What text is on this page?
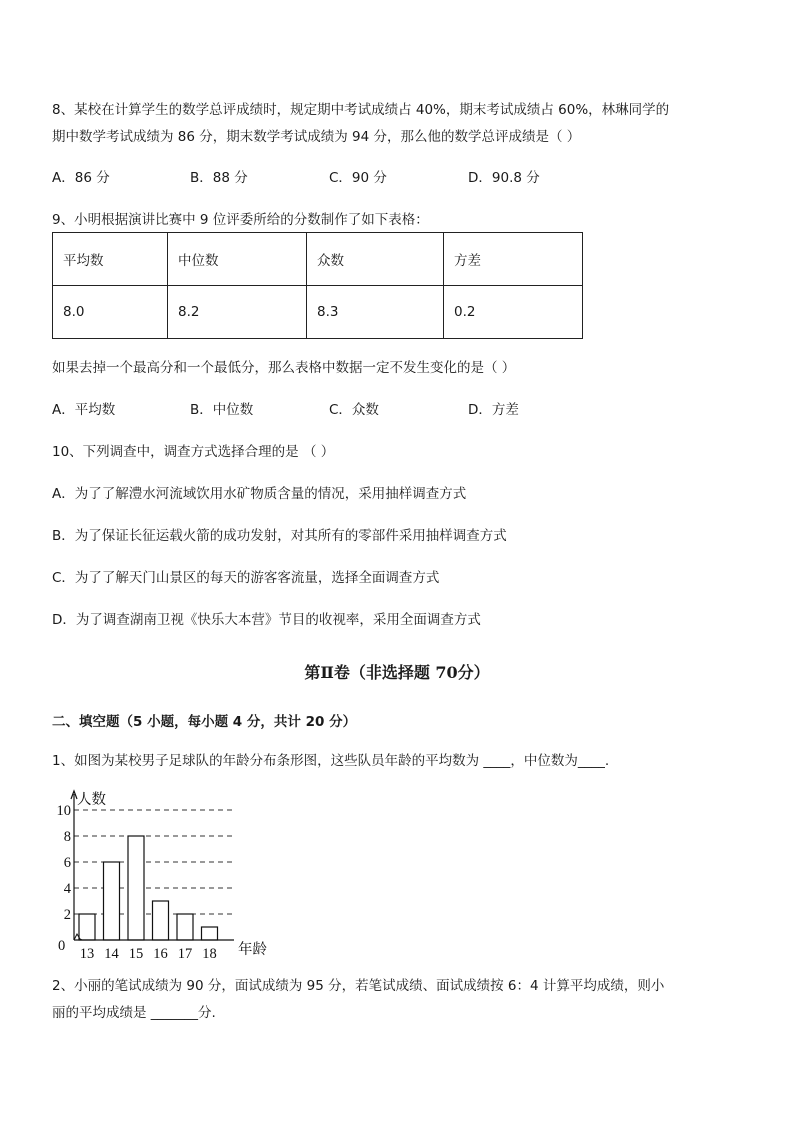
8、某校在计算学生的数学总评成绩时，规定期中考试成绩占 40%，期末考试成绩占 60%，林琳同学的
期中数学考试成绩为 86 分，期末数学考试成绩为 94 分，那么他的数学总评成绩是（ ）
A．86 分	B．88 分	C．90 分	D．90.8 分
9、小明根据演讲比赛中 9 位评委所给的分数制作了如下表格：
平均数	中位数	众数	方差
8.0	8.2	8.3	0.2
如果去掉一个最高分和一个最低分，那么表格中数据一定不发生变化的是（ ）
A．平均数	B．中位数	C．众数	D．方差
10、下列调查中，调查方式选择合理的是 （ ）
A．为了了解澧水河流域饮用水矿物质含量的情况，采用抽样调查方式
B．为了保证长征运载火箭的成功发射，对其所有的零部件采用抽样调查方式
C．为了了解天门山景区的每天的游客客流量，选择全面调查方式
D．为了调查湖南卫视《快乐大本营》节目的收视率，采用全面调查方式
第Ⅱ卷（非选择题 70分）
二、填空题（5 小题，每小题 4 分，共计 20 分）
1、如图为某校男子足球队的年龄分布条形图，这些队员年龄的平均数为 ____，中位数为____.
2
4
6
8
10
13 14 15 16 17 18
人数
年龄
0
2、小丽的笔试成绩为 90 分，面试成绩为 95 分，若笔试成绩、面试成绩按 6：4 计算平均成绩，则小
丽的平均成绩是 _______分.
